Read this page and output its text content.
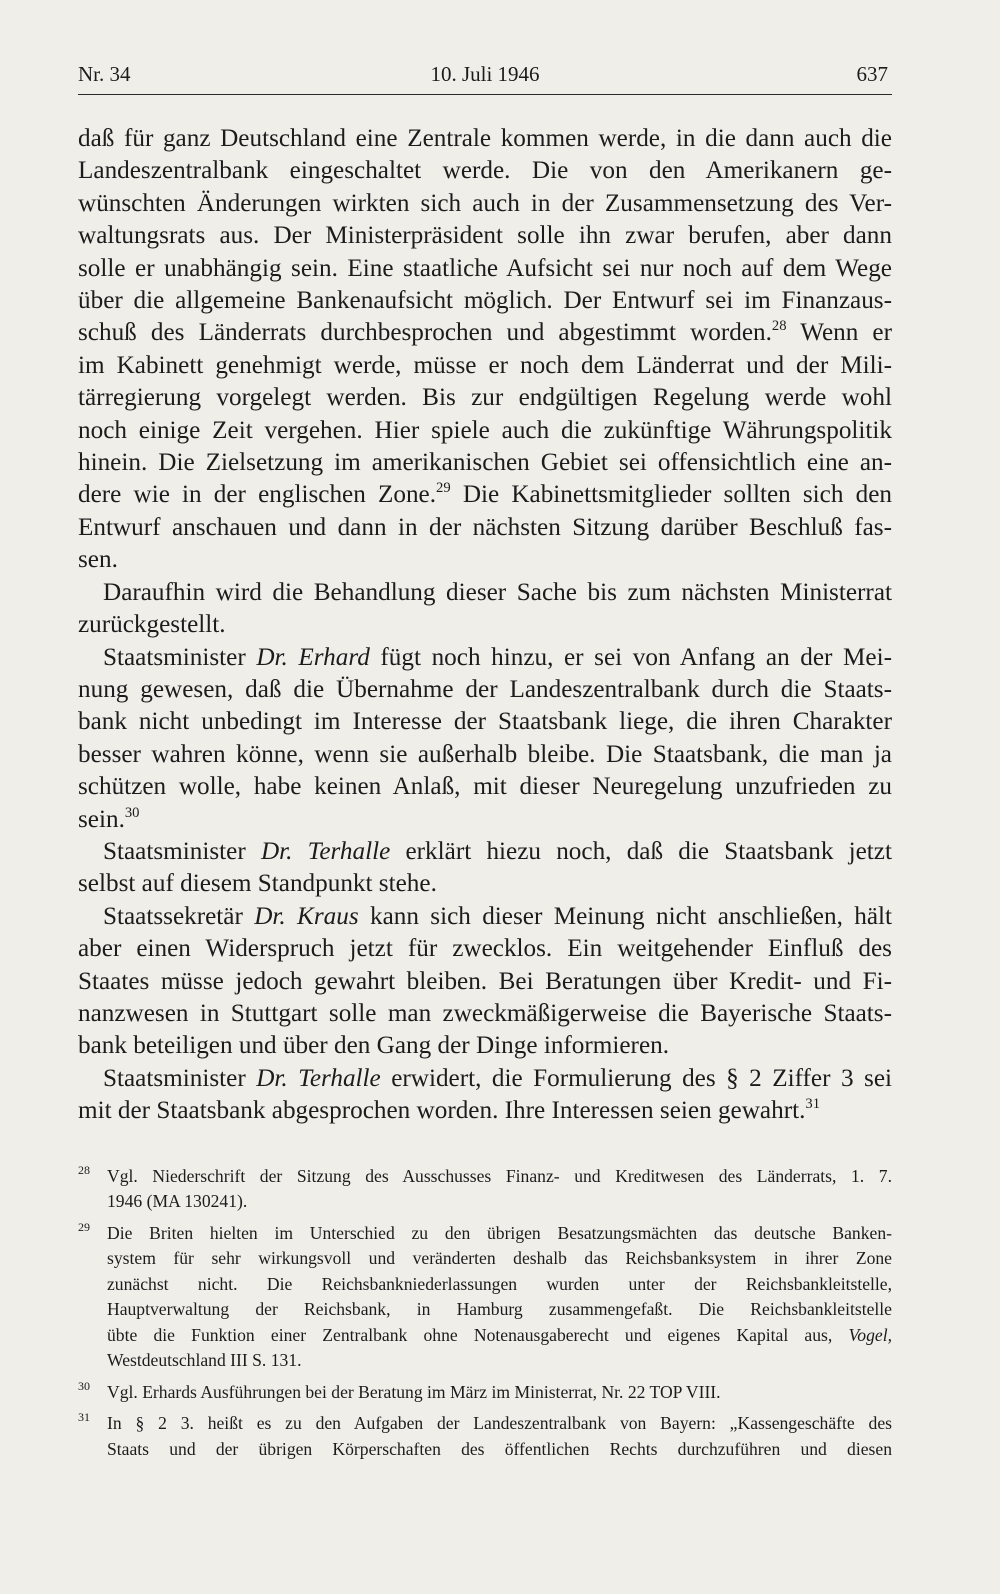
Nr. 34	10. Juli 1946	637

daß für ganz Deutschland eine Zentrale kommen werde, in die dann auch die
Landeszentralbank eingeschaltet werde. Die von den Amerikanern ge-
wünschten Änderungen wirkten sich auch in der Zusammensetzung des Ver-
waltungsrats aus. Der Ministerpräsident solle ihn zwar berufen, aber dann
solle er unabhängig sein. Eine staatliche Aufsicht sei nur noch auf dem Wege
über die allgemeine Bankenaufsicht möglich. Der Entwurf sei im Finanzaus-
schuß des Länderrats durchbesprochen und abgestimmt worden.$^{28}$ Wenn er
im Kabinett genehmigt werde, müsse er noch dem Länderrat und der Mili-
tärregierung vorgelegt werden. Bis zur endgültigen Regelung werde wohl
noch einige Zeit vergehen. Hier spiele auch die zukünftige Währungspolitik
hinein. Die Zielsetzung im amerikanischen Gebiet sei offensichtlich eine an-
dere wie in der englischen Zone.$^{29}$ Die Kabinettsmitglieder sollten sich den
Entwurf anschauen und dann in der nächsten Sitzung darüber Beschluß fas-
sen.

Daraufhin wird die Behandlung dieser Sache bis zum nächsten Ministerrat
zurückgestellt.

Staatsminister Dr. Erhard fügt noch hinzu, er sei von Anfang an der Mei-
nung gewesen, daß die Übernahme der Landeszentralbank durch die Staats-
bank nicht unbedingt im Interesse der Staatsbank liege, die ihren Charakter
besser wahren könne, wenn sie außerhalb bleibe. Die Staatsbank, die man ja
schützen wolle, habe keinen Anlaß, mit dieser Neuregelung unzufrieden zu
sein.$^{30}$

Staatsminister Dr. Terhalle erklärt hiezu noch, daß die Staatsbank jetzt
selbst auf diesem Standpunkt stehe.

Staatssekretär Dr. Kraus kann sich dieser Meinung nicht anschließen, hält
aber einen Widerspruch jetzt für zwecklos. Ein weitgehender Einfluß des
Staates müsse jedoch gewahrt bleiben. Bei Beratungen über Kredit- und Fi-
nanzwesen in Stuttgart solle man zweckmäßigerweise die Bayerische Staats-
bank beteiligen und über den Gang der Dinge informieren.

Staatsminister Dr. Terhalle erwidert, die Formulierung des § 2 Ziffer 3 sei
mit der Staatsbank abgesprochen worden. Ihre Interessen seien gewahrt.$^{31}$

28 Vgl. Niederschrift der Sitzung des Ausschusses Finanz- und Kreditwesen des Länderrats, 1. 7.
1946 (MA 130241).
29 Die Briten hielten im Unterschied zu den übrigen Besatzungsmächten das deutsche Banken-
system für sehr wirkungsvoll und veränderten deshalb das Reichsbanksystem in ihrer Zone
zunächst nicht. Die Reichsbankniederlassungen wurden unter der Reichsbankleitstelle,
Hauptverwaltung der Reichsbank, in Hamburg zusammengefaßt. Die Reichsbankleitstelle
übte die Funktion einer Zentralbank ohne Notenausgaberecht und eigenes Kapital aus, Vogel,
Westdeutschland III S. 131.
30 Vgl. Erhards Ausführungen bei der Beratung im März im Ministerrat, Nr. 22 TOP VIII.
31 In § 2 3. heißt es zu den Aufgaben der Landeszentralbank von Bayern: „Kassengeschäfte des
Staats und der übrigen Körperschaften des öffentlichen Rechts durchzuführen und diesen
